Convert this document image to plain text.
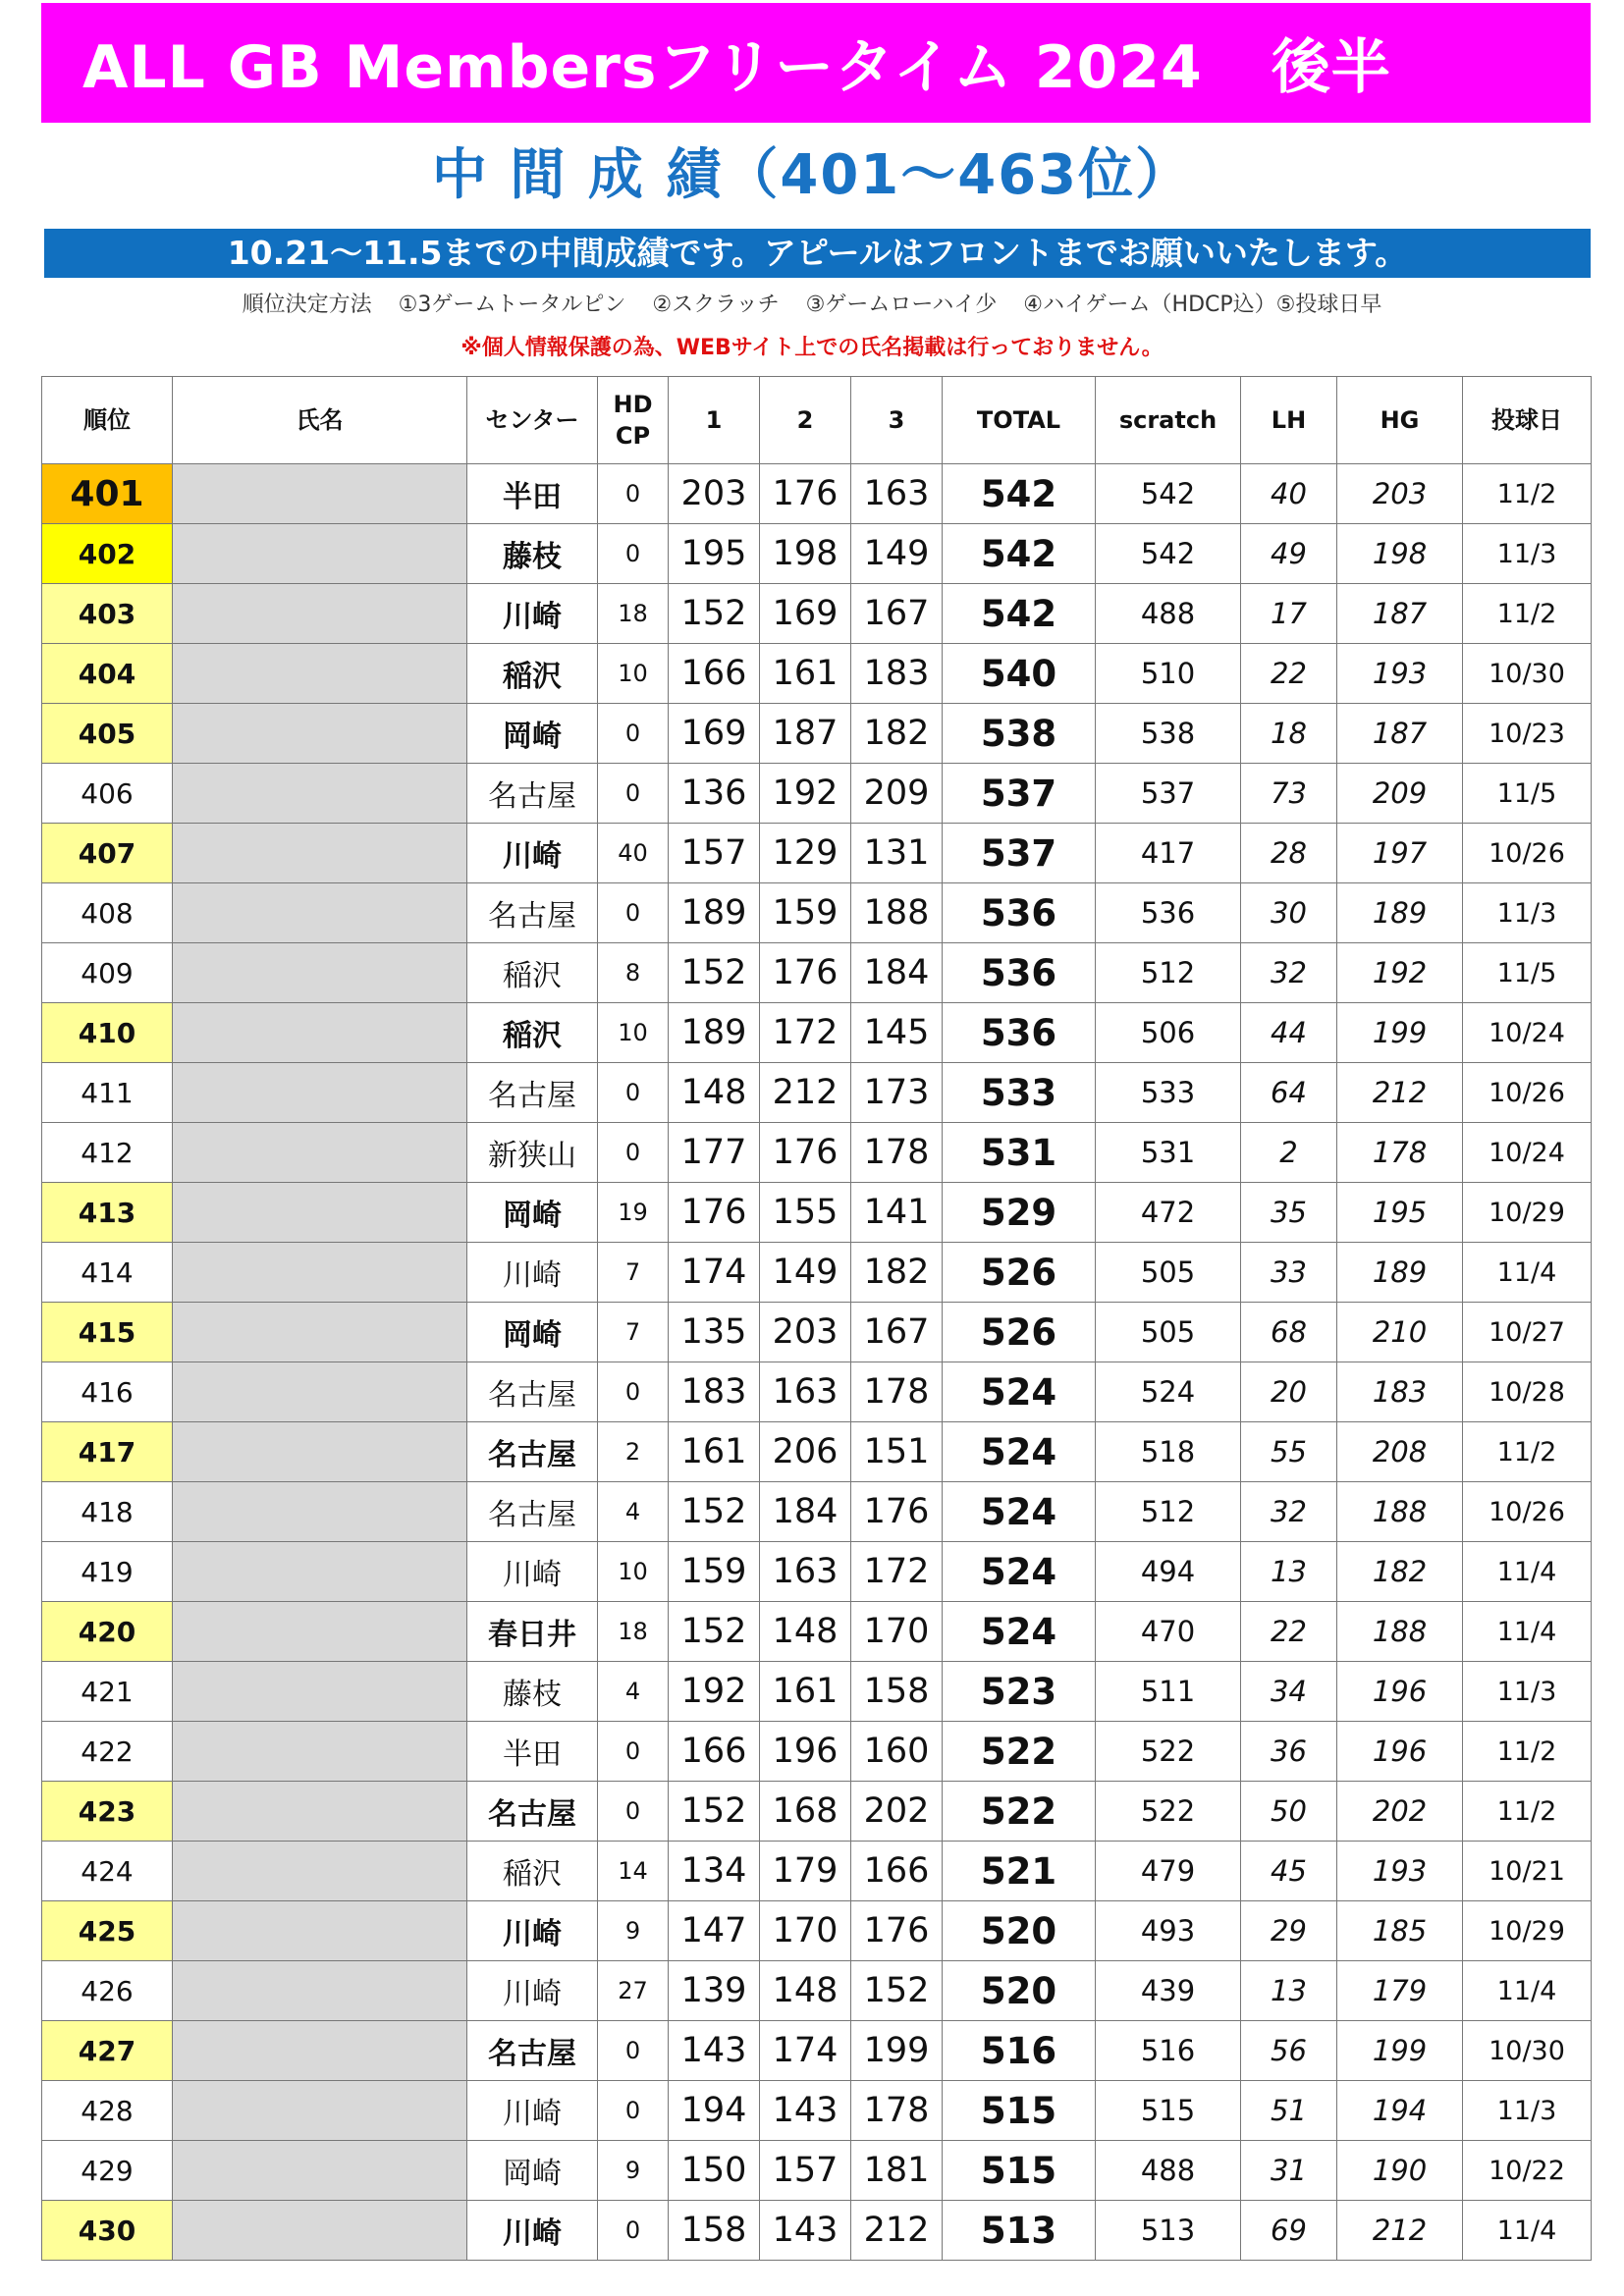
ALL GB Membersフリータイム 2024 後半
中 間 成 績（401～463位）
10.21～11.5までの中間成績です。アピールはフロントまでお願いいたします。
順位決定方法 ①3ゲームトータルピン ②スクラッチ ③ゲームローハイ少 ④ハイゲーム（HDCP込）⑤投球日早
※個人情報保護の為、WEBサイト上での氏名掲載は行っておりません。
順位	氏名	センター	HD
CP	1	2	3	TOTAL	scratch	LH	HG	投球日
401		半田	0	203	176	163	542	542	40	203	11/2
402		藤枝	0	195	198	149	542	542	49	198	11/3
403		川崎	18	152	169	167	542	488	17	187	11/2
404		稲沢	10	166	161	183	540	510	22	193	10/30
405		岡崎	0	169	187	182	538	538	18	187	10/23
406		名古屋	0	136	192	209	537	537	73	209	11/5
407		川崎	40	157	129	131	537	417	28	197	10/26
408		名古屋	0	189	159	188	536	536	30	189	11/3
409		稲沢	8	152	176	184	536	512	32	192	11/5
410		稲沢	10	189	172	145	536	506	44	199	10/24
411		名古屋	0	148	212	173	533	533	64	212	10/26
412		新狭山	0	177	176	178	531	531	2	178	10/24
413		岡崎	19	176	155	141	529	472	35	195	10/29
414		川崎	7	174	149	182	526	505	33	189	11/4
415		岡崎	7	135	203	167	526	505	68	210	10/27
416		名古屋	0	183	163	178	524	524	20	183	10/28
417		名古屋	2	161	206	151	524	518	55	208	11/2
418		名古屋	4	152	184	176	524	512	32	188	10/26
419		川崎	10	159	163	172	524	494	13	182	11/4
420		春日井	18	152	148	170	524	470	22	188	11/4
421		藤枝	4	192	161	158	523	511	34	196	11/3
422		半田	0	166	196	160	522	522	36	196	11/2
423		名古屋	0	152	168	202	522	522	50	202	11/2
424		稲沢	14	134	179	166	521	479	45	193	10/21
425		川崎	9	147	170	176	520	493	29	185	10/29
426		川崎	27	139	148	152	520	439	13	179	11/4
427		名古屋	0	143	174	199	516	516	56	199	10/30
428		川崎	0	194	143	178	515	515	51	194	11/3
429		岡崎	9	150	157	181	515	488	31	190	10/22
430		川崎	0	158	143	212	513	513	69	212	11/4
